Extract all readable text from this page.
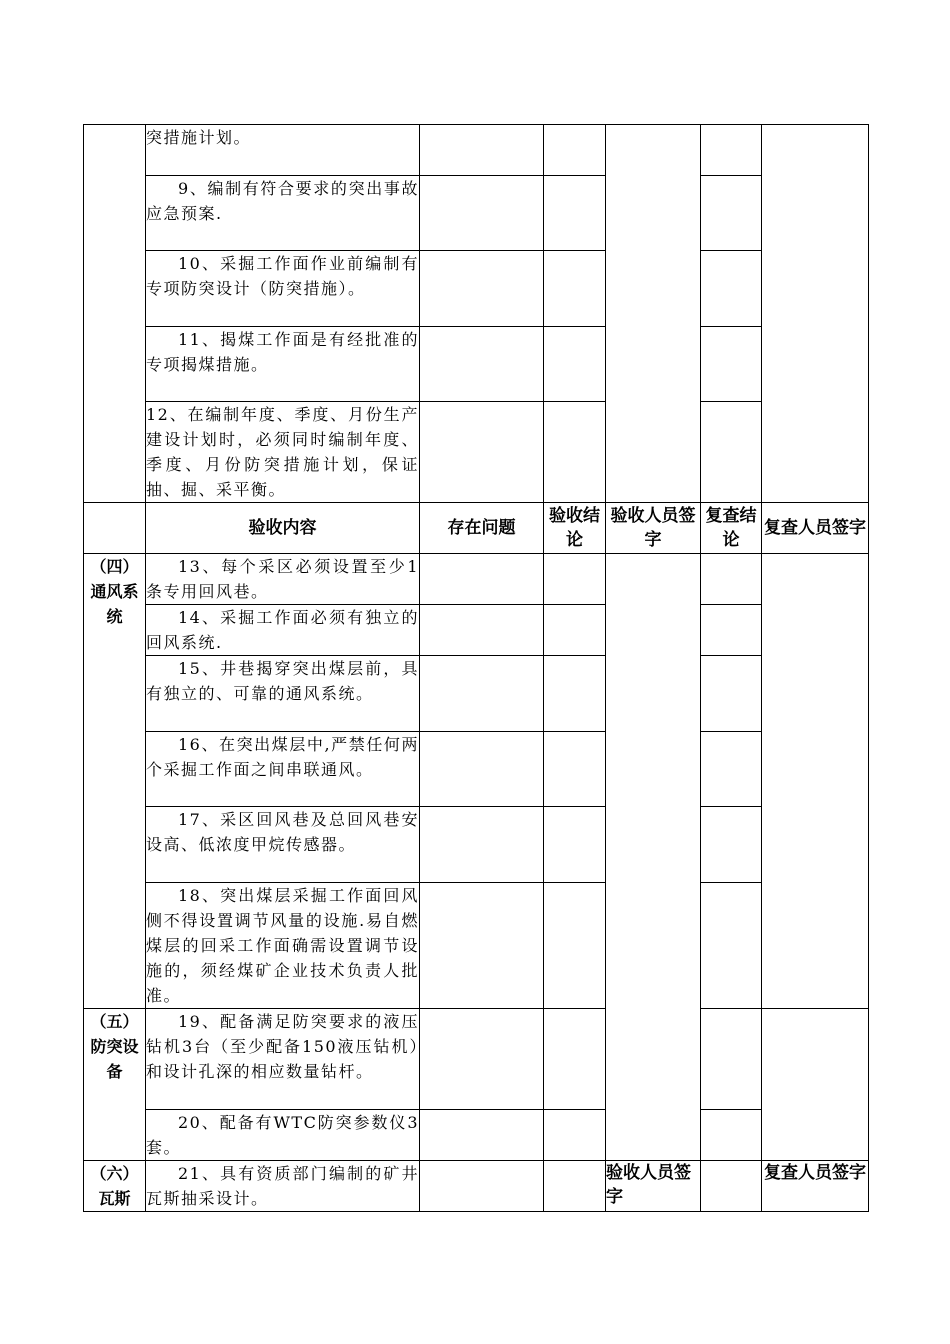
	突措施计划。					
	9、编制有符合要求的突出事故应急预案.					
	10、采掘工作面作业前编制有专项防突设计（防突措施）。					
	11、揭煤工作面是有经批准的专项揭煤措施。					
	12、在编制年度、季度、月份生产建设计划时，必须同时编制年度、季度、月份防突措施计划，保证抽、掘、采平衡。					
	验收内容	存在问题	验收结论	验收人员签字	复查结论	复查人员签字
（四）通风系统	13、每个采区必须设置至少1条专用回风巷。					
	14、采掘工作面必须有独立的回风系统.					
	15、井巷揭穿突出煤层前，具有独立的、可靠的通风系统。					
	16、在突出煤层中,严禁任何两个采掘工作面之间串联通风。					
	17、采区回风巷及总回风巷安设高、低浓度甲烷传感器。					
	18、突出煤层采掘工作面回风侧不得设置调节风量的设施.易自燃煤层的回采工作面确需设置调节设施的，须经煤矿企业技术负责人批准。					
（五）防突设备	19、配备满足防突要求的液压钻机3台（至少配备150液压钻机）和设计孔深的相应数量钻杆。					
	20、配备有WTC防突参数仪3套。					
（六）瓦斯	21、具有资质部门编制的矿井瓦斯抽采设计。			验收人员签字		复查人员签字
